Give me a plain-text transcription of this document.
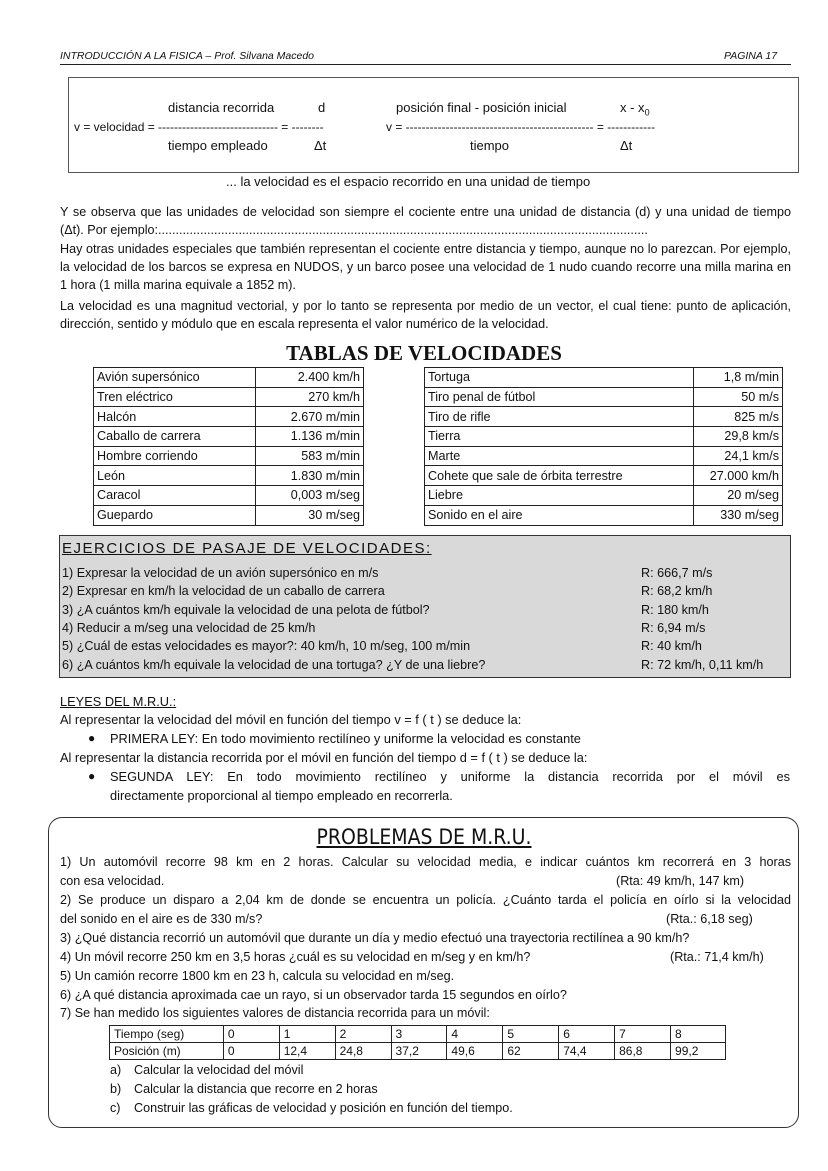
INTRODUCCIÓN A LA FISICA – Prof. Silvana Macedo	PAGINA 17
distancia recorrida	d
v = velocidad = ------------------------------ = --------
tiempo empleado	Δt
posición final - posición inicial	x - $x_0$
v = ----------------------------------------------- = ------------
tiempo	Δt
... la velocidad es el espacio recorrido en una unidad de tiempo
Y se observa que las unidades de velocidad son siempre el cociente entre una unidad de distancia (d) y una unidad de tiempo (Δt). Por ejemplo:............................................................................................................................................
Hay otras unidades especiales que también representan el cociente entre distancia y tiempo, aunque no lo parezcan. Por ejemplo, la velocidad de los barcos se expresa en NUDOS, y un barco posee una velocidad de 1 nudo cuando recorre una milla marina en 1 hora (1 milla marina equivale a 1852 m).
La velocidad es una magnitud vectorial, y por lo tanto se representa por medio de un vector, el cual tiene: punto de aplicación, dirección, sentido y módulo que en escala representa el valor numérico de la velocidad.
TABLAS DE VELOCIDADES
Avión supersónico	2.400 km/h
Tren eléctrico	270 km/h
Halcón	2.670 m/min
Caballo de carrera	1.136 m/min
Hombre corriendo	583 m/min
León	1.830 m/min
Caracol	0,003 m/seg
Guepardo	30 m/seg
Tortuga	1,8 m/min
Tiro penal de fútbol	50 m/s
Tiro de rifle	825 m/s
Tierra	29,8 km/s
Marte	24,1 km/s
Cohete que sale de órbita terrestre	27.000 km/h
Liebre	20 m/seg
Sonido en el aire	330 m/seg
EJERCICIOS DE PASAJE DE VELOCIDADES:
1) Expresar la velocidad de un avión supersónico en m/s	R: 666,7 m/s
2) Expresar en km/h la velocidad de un caballo de carrera	R: 68,2 km/h
3) ¿A cuántos km/h equivale la velocidad de una pelota de fútbol?	R: 180 km/h
4) Reducir a m/seg una velocidad de 25 km/h	R: 6,94 m/s
5) ¿Cuál de estas velocidades es mayor?: 40 km/h, 10 m/seg, 100 m/min	R: 40 km/h
6) ¿A cuántos km/h equivale la velocidad de una tortuga? ¿Y de una liebre?	R: 72 km/h, 0,11 km/h
LEYES DEL M.R.U.:
Al representar la velocidad del móvil en función del tiempo v = f ( t ) se deduce la:
● PRIMERA LEY: En todo movimiento rectilíneo y uniforme la velocidad es constante
Al representar la distancia recorrida por el móvil en función del tiempo d = f ( t ) se deduce la:
● SEGUNDA LEY: En todo movimiento rectilíneo y uniforme la distancia recorrida por el móvil es
directamente proporcional al tiempo empleado en recorrerla.
PROBLEMAS DE M.R.U.
1) Un automóvil recorre 98 km en 2 horas. Calcular su velocidad media, e indicar cuántos km recorrerá en 3 horas
con esa velocidad.	(Rta: 49 km/h, 147 km)
2) Se produce un disparo a 2,04 km de donde se encuentra un policía. ¿Cuánto tarda el policía en oírlo si la velocidad
del sonido en el aire es de 330 m/s?	(Rta.: 6,18 seg)
3) ¿Qué distancia recorrió un automóvil que durante un día y medio efectuó una trayectoria rectilínea a 90 km/h?
4) Un móvil recorre 250 km en 3,5 horas ¿cuál es su velocidad en m/seg y en km/h?	(Rta.: 71,4 km/h)
5) Un camión recorre 1800 km en 23 h, calcula su velocidad en m/seg.
6) ¿A qué distancia aproximada cae un rayo, si un observador tarda 15 segundos en oírlo?
7) Se han medido los siguientes valores de distancia recorrida para un móvil:
Tiempo (seg)	0	1	2	3	4	5	6	7	8
Posición (m)	0	12,4	24,8	37,2	49,6	62	74,4	86,8	99,2
a) Calcular la velocidad del móvil
b) Calcular la distancia que recorre en 2 horas
c) Construir las gráficas de velocidad y posición en función del tiempo.
